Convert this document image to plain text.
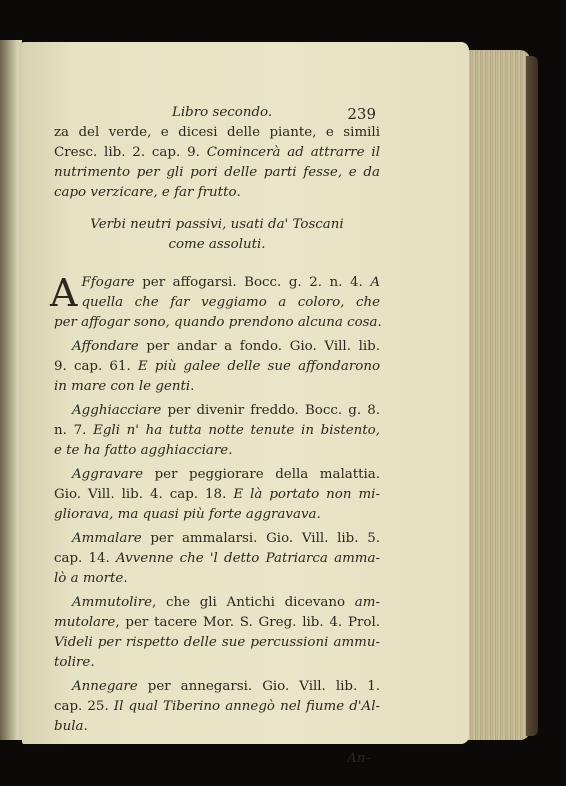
Libro secondo.	239
za del verde, e dicesi delle piante, e simili
Cresc. lib. 2. cap. 9. Comincerà ad attrarre il
nutrimento per gli pori delle parti fesse, e da
capo verzicare, e far frutto.
Verbi neutri passivi, usati da' Toscani
come assoluti.
A Ffogare per affogarsi. Bocc. g. 2. n. 4. A
quella che far veggiamo a coloro, che
per affogar sono, quando prendono alcuna cosa.
Affondare per andar a fondo. Gio. Vill. lib.
9. cap. 61. E più galee delle sue affondarono
in mare con le genti.
Agghiacciare per divenir freddo. Bocc. g. 8.
n. 7. Egli n' ha tutta notte tenute in bistento,
e te ha fatto agghiacciare.
Aggravare per peggiorare della malattia.
Gio. Vill. lib. 4. cap. 18. E là portato non mi-
gliorava, ma quasi più forte aggravava.
Ammalare per ammalarsi. Gio. Vill. lib. 5.
cap. 14. Avvenne che 'l detto Patriarca amma-
lò a morte.
Ammutolire, che gli Antichi dicevano am-
mutolare, per tacere Mor. S. Greg. lib. 4. Prol.
Videli per rispetto delle sue percussioni ammu-
tolire.
Annegare per annegarsi. Gio. Vill. lib. 1.
cap. 25. Il qual Tiberino annegò nel fiume d'Al-
bula.
An-
